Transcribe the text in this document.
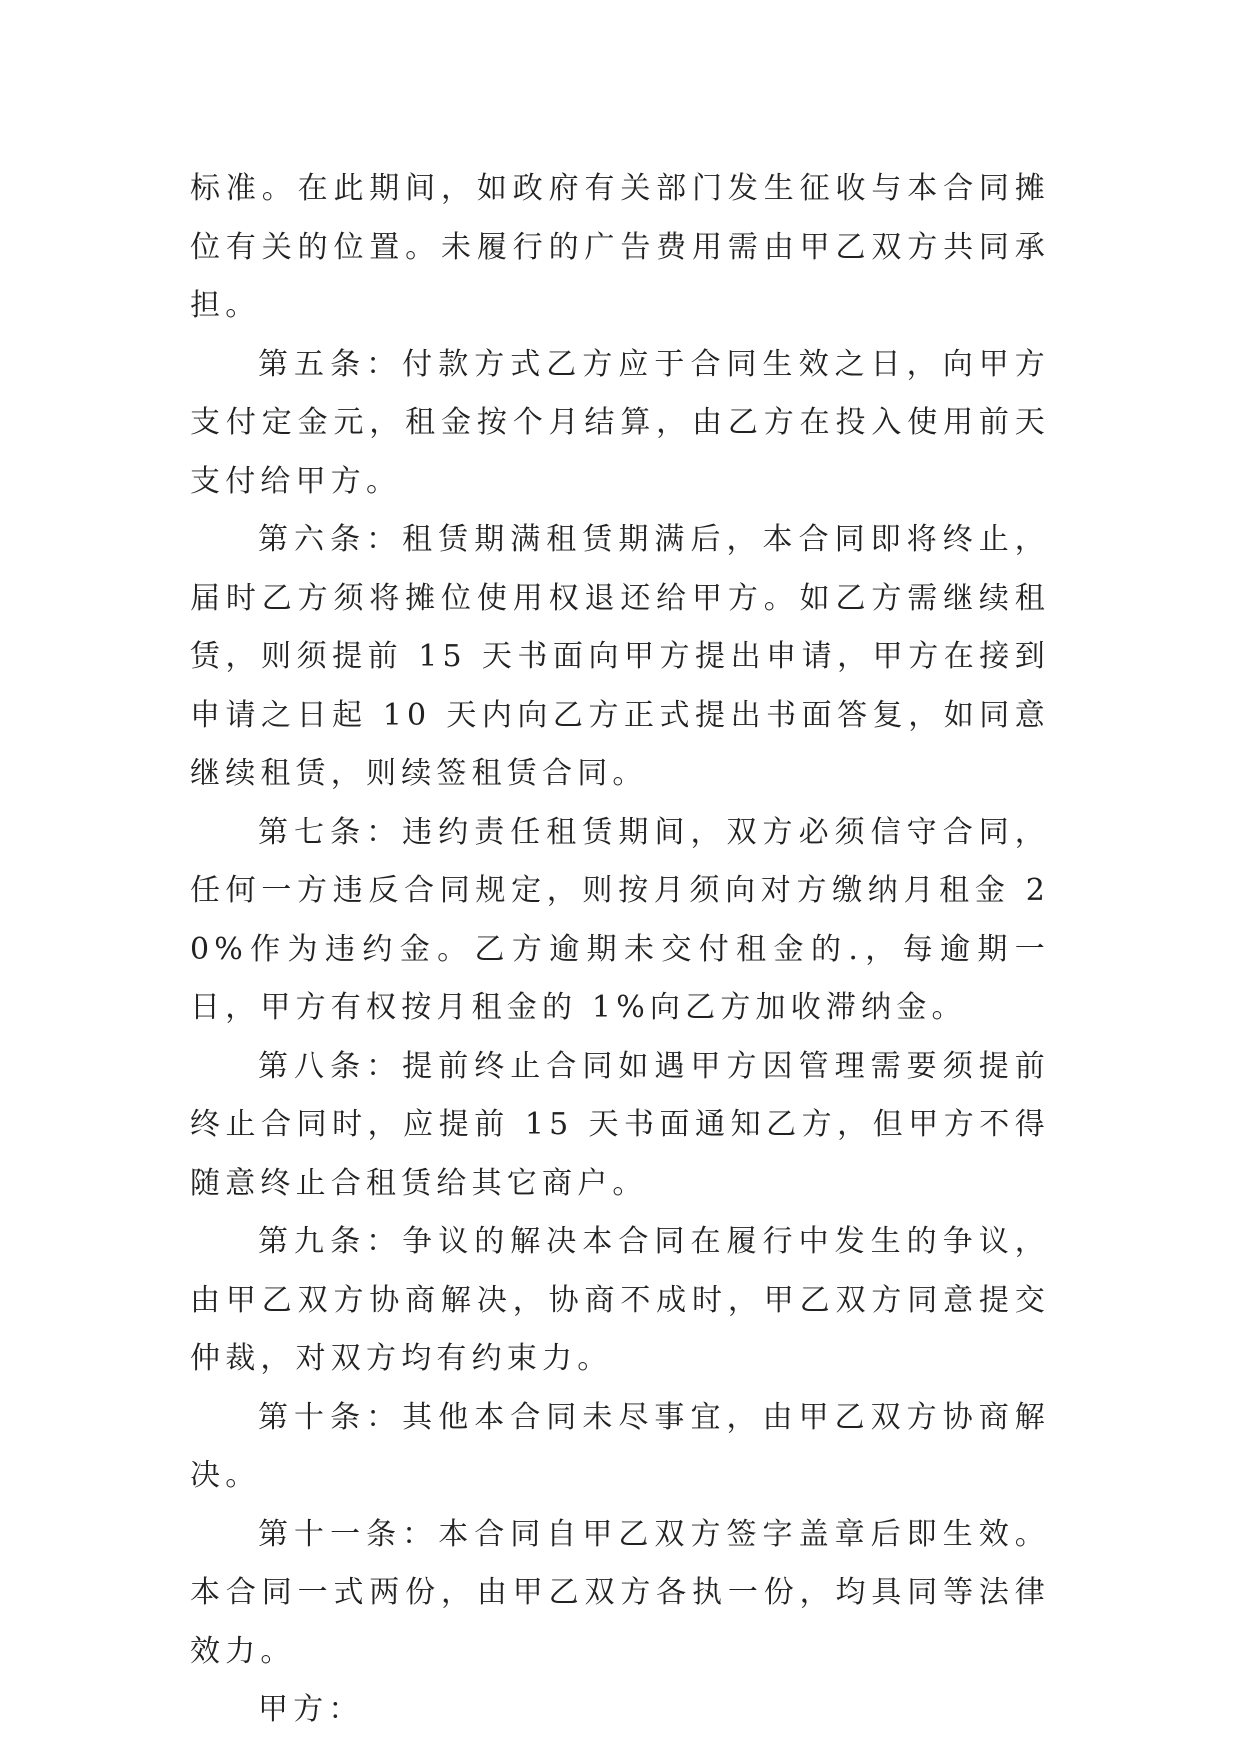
标准。在此期间，如政府有关部门发生征收与本合同摊位有关的位置。未履行的广告费用需由甲乙双方共同承担。

第五条：付款方式乙方应于合同生效之日，向甲方支付定金元，租金按个月结算，由乙方在投入使用前天支付给甲方。

第六条：租赁期满租赁期满后，本合同即将终止，届时乙方须将摊位使用权退还给甲方。如乙方需继续租赁，则须提前 15 天书面向甲方提出申请，甲方在接到申请之日起 10 天内向乙方正式提出书面答复，如同意继续租赁，则续签租赁合同。

第七条：违约责任租赁期间，双方必须信守合同，任何一方违反合同规定，则按月须向对方缴纳月租金 20%作为违约金。乙方逾期未交付租金的.，每逾期一日，甲方有权按月租金的 1%向乙方加收滞纳金。

第八条：提前终止合同如遇甲方因管理需要须提前终止合同时，应提前 15 天书面通知乙方，但甲方不得随意终止合租赁给其它商户。

第九条：争议的解决本合同在履行中发生的争议，由甲乙双方协商解决，协商不成时，甲乙双方同意提交仲裁，对双方均有约束力。

第十条：其他本合同未尽事宜，由甲乙双方协商解决。

第十一条：本合同自甲乙双方签字盖章后即生效。本合同一式两份，由甲乙双方各执一份，均具同等法律效力。

甲方：
